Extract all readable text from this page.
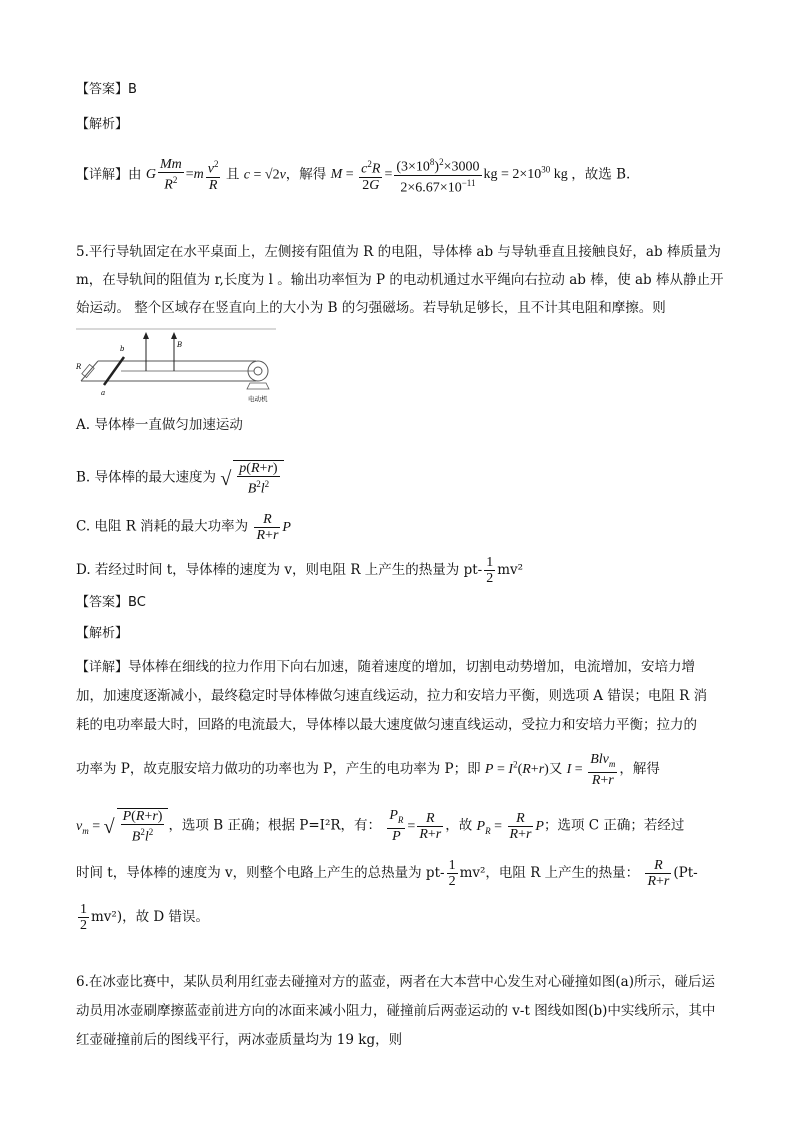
【答案】B
【解析】
【详解】由 G $\frac{Mm}{R^2} =m \frac{v^2}{R}$ 且 c = √2v，解得 $M = \frac{c^2R}{2G} = \frac{(3\times 10^8)^2\times 3000}{2\times 6.67\times 10^{-11}}$ kg = $2\times 10^{30}$ kg ，故选 B.
5.平行导轨固定在水平桌面上，左侧接有阻值为 R 的电阻，导体棒 ab 与导轨垂直且接触良好，ab 棒质量为
m，在导轨间的阻值为 r,长度为 l 。输出功率恒为 P 的电动机通过水平绳向右拉动 ab 棒，使 ab 棒从静止开
始运动。 整个区域存在竖直向上的大小为 B 的匀强磁场。若导轨足够长，且不计其电阻和摩擦。则
R
b
a
B
电动机
A. 导体棒一直做匀加速运动
B. 导体棒的最大速度为 √ $\frac{p(R+r)}{B^2l^2}$
C. 电阻 R 消耗的最大功率为 $\frac{R}{R+r}$ P
D. 若经过时间 t，导体棒的速度为 v，则电阻 R 上产生的热量为 $pt- \frac{1}{2} mv^2$
【答案】BC
【解析】
【详解】导体棒在细线的拉力作用下向右加速，随着速度的增加，切割电动势增加，电流增加，安培力增
加，加速度逐渐减小，最终稳定时导体棒做匀速直线运动，拉力和安培力平衡，则选项 A 错误；电阻 R 消
耗的电功率最大时，回路的电流最大，导体棒以最大速度做匀速直线运动，受拉力和安培力平衡；拉力的
功率为 P，故克服安培力做功的功率也为 P，产生的电功率为 P；即 $P = I^2(R+r)$又 $I = \frac{Blv_m}{R+r}$ ，解得
$v_m$ = √ $\frac{P(R+r)}{B^2l^2}$ ，选项 B 正确；根据 P=I²R，有： $\frac{P_R}{P} = \frac{R}{R+r}$ ，故 $P_R = \frac{R}{R+r}$ P；选项 C 正确；若经过
时间 t，导体棒的速度为 v，则整个电路上产生的总热量为 $pt- \frac{1}{2} mv^2$，电阻 R 上产生的热量： $\frac{R}{R+r} (Pt-$
$\frac{1}{2} mv^2$)，故 D 错误。
6.在冰壶比赛中，某队员利用红壶去碰撞对方的蓝壶，两者在大本营中心发生对心碰撞如图(a)所示，碰后运
动员用冰壶刷摩擦蓝壶前进方向的冰面来减小阻力，碰撞前后两壶运动的 v-t 图线如图(b)中实线所示，其中
红壶碰撞前后的图线平行，两冰壶质量均为 19 kg，则
